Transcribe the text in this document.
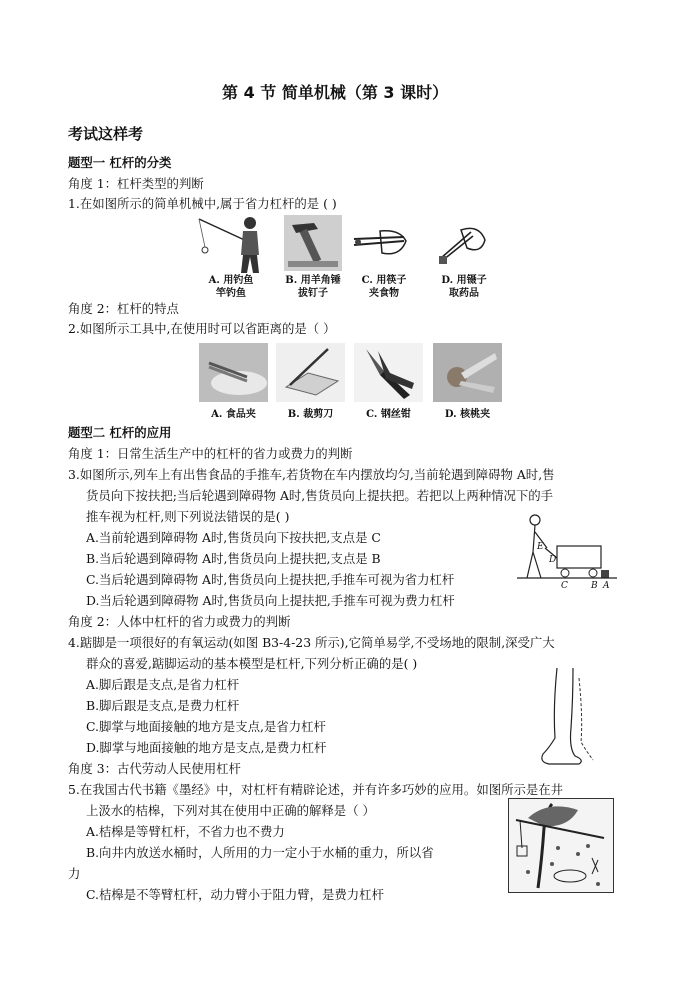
第 4 节 简单机械（第 3 课时）
考试这样考
题型一 杠杆的分类
角度 1：杠杆类型的判断
1.在如图所示的简单机械中,属于省力杠杆的是 ( )
A. 用钓鱼
竿钓鱼
B. 用羊角锤
拔钉子
C. 用筷子
夹食物
D. 用镊子
取药品
角度 2：杠杆的特点
2.如图所示工具中,在使用时可以省距离的是（ ）
A. 食品夹	B. 裁剪刀	C. 钢丝钳	D. 核桃夹
题型二 杠杆的应用
角度 1：日常生活生产中的杠杆的省力或费力的判断
3.如图所示,列车上有出售食品的手推车,若货物在车内摆放均匀,当前轮遇到障碍物 A时,售
货员向下按扶把;当后轮遇到障碍物 A时,售货员向上提扶把。若把以上两种情况下的手
推车视为杠杆,则下列说法错误的是( )
A.当前轮遇到障碍物 A时,售货员向下按扶把,支点是 C
B.当后轮遇到障碍物 A时,售货员向上提扶把,支点是 B
C.当后轮遇到障碍物 A时,售货员向上提扶把,手推车可视为省力杠杆
D.当后轮遇到障碍物 A时,售货员向上提扶把,手推车可视为费力杠杆
E
D
C	B A
角度 2：人体中杠杆的省力或费力的判断
4.踮脚是一项很好的有氧运动(如图 B3-4-23 所示),它简单易学,不受场地的限制,深受广大
群众的喜爱,踮脚运动的基本模型是杠杆,下列分析正确的是( )
A.脚后跟是支点,是省力杠杆
B.脚后跟是支点,是费力杠杆
C.脚掌与地面接触的地方是支点,是省力杠杆
D.脚掌与地面接触的地方是支点,是费力杠杆
角度 3：古代劳动人民使用杠杆
5.在我国古代书籍《墨经》中，对杠杆有精辟论述，并有许多巧妙的应用。如图所示是在井
上汲水的桔槔，下列对其在使用中正确的解释是（ ）
A.桔槔是等臂杠杆，不省力也不费力
B.向井内放送水桶时，人所用的力一定小于水桶的重力，所以省
力
C.桔槔是不等臂杠杆，动力臂小于阻力臂，是费力杠杆
